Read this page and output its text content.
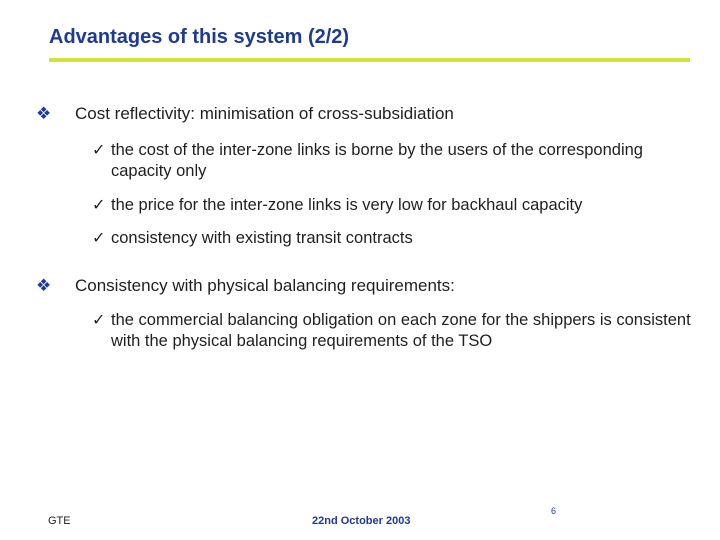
Advantages of this system (2/2)
❖ Cost reflectivity: minimisation of cross-subsidiation
✓ the cost of the inter-zone links is borne by the users of the corresponding capacity only
✓ the price for the inter-zone links is very low for backhaul capacity
✓ consistency with existing transit contracts
❖ Consistency with physical balancing requirements:
✓ the commercial balancing obligation on each zone for the shippers is consistent with the physical balancing requirements of the TSO
GTE	22nd October 2003
6
